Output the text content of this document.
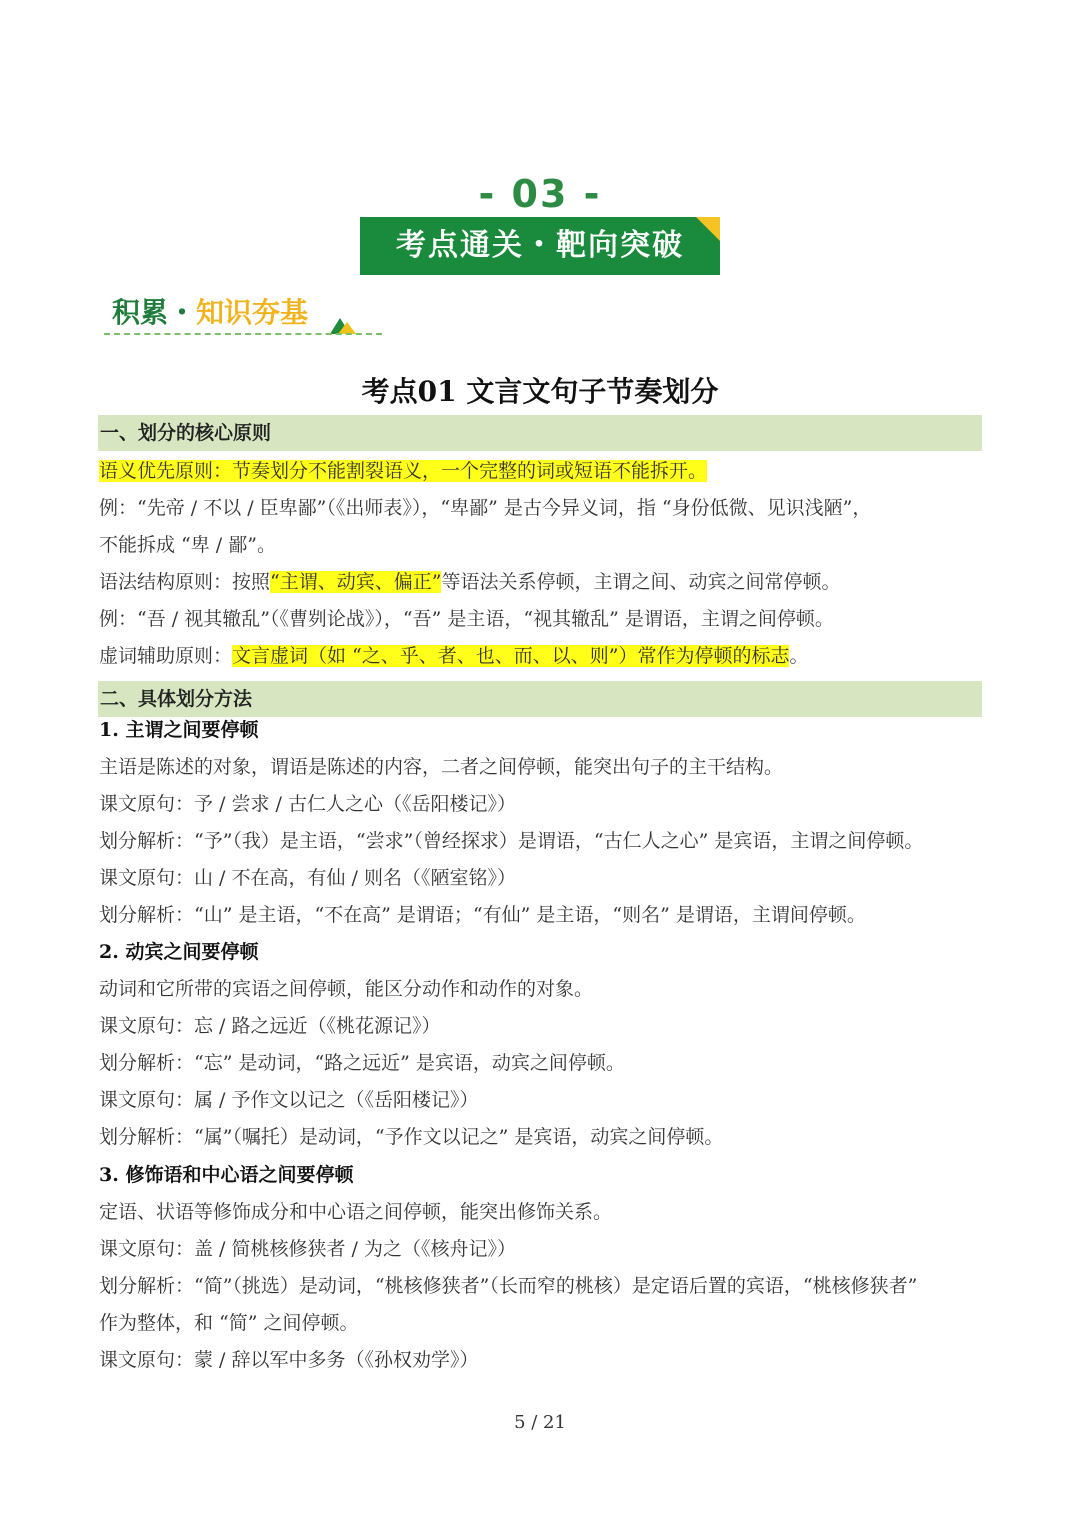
- 03 -
考点通关・靶向突破
积累・知识夯基
考点01 文言文句子节奏划分
一、划分的核心原则
语义优先原则：节奏划分不能割裂语义，一个完整的词或短语不能拆开。
例：“先帝 / 不以 / 臣卑鄙”（《出师表》），“卑鄙” 是古今异义词，指 “身份低微、见识浅陋”，
不能拆成 “卑 / 鄙”。
语法结构原则：按照“主谓、动宾、偏正”等语法关系停顿，主谓之间、动宾之间常停顿。
例：“吾 / 视其辙乱”（《曹刿论战》），“吾” 是主语，“视其辙乱” 是谓语，主谓之间停顿。
虚词辅助原则：文言虚词（如 “之、乎、者、也、而、以、则”）常作为停顿的标志。
二、具体划分方法
1. 主谓之间要停顿
主语是陈述的对象，谓语是陈述的内容，二者之间停顿，能突出句子的主干结构。
课文原句：予 / 尝求 / 古仁人之心（《岳阳楼记》）
划分解析：“予”（我）是主语，“尝求”（曾经探求）是谓语，“古仁人之心” 是宾语，主谓之间停顿。
课文原句：山 / 不在高，有仙 / 则名（《陋室铭》）
划分解析：“山” 是主语，“不在高” 是谓语；“有仙” 是主语，“则名” 是谓语，主谓间停顿。
2. 动宾之间要停顿
动词和它所带的宾语之间停顿，能区分动作和动作的对象。
课文原句：忘 / 路之远近（《桃花源记》）
划分解析：“忘” 是动词，“路之远近” 是宾语，动宾之间停顿。
课文原句：属 / 予作文以记之（《岳阳楼记》）
划分解析：“属”（嘱托）是动词，“予作文以记之” 是宾语，动宾之间停顿。
3. 修饰语和中心语之间要停顿
定语、状语等修饰成分和中心语之间停顿，能突出修饰关系。
课文原句：盖 / 简桃核修狭者 / 为之（《核舟记》）
划分解析：“简”（挑选）是动词，“桃核修狭者”（长而窄的桃核）是定语后置的宾语，“桃核修狭者”
作为整体，和 “简” 之间停顿。
课文原句：蒙 / 辞以军中多务（《孙权劝学》）
5 / 21
